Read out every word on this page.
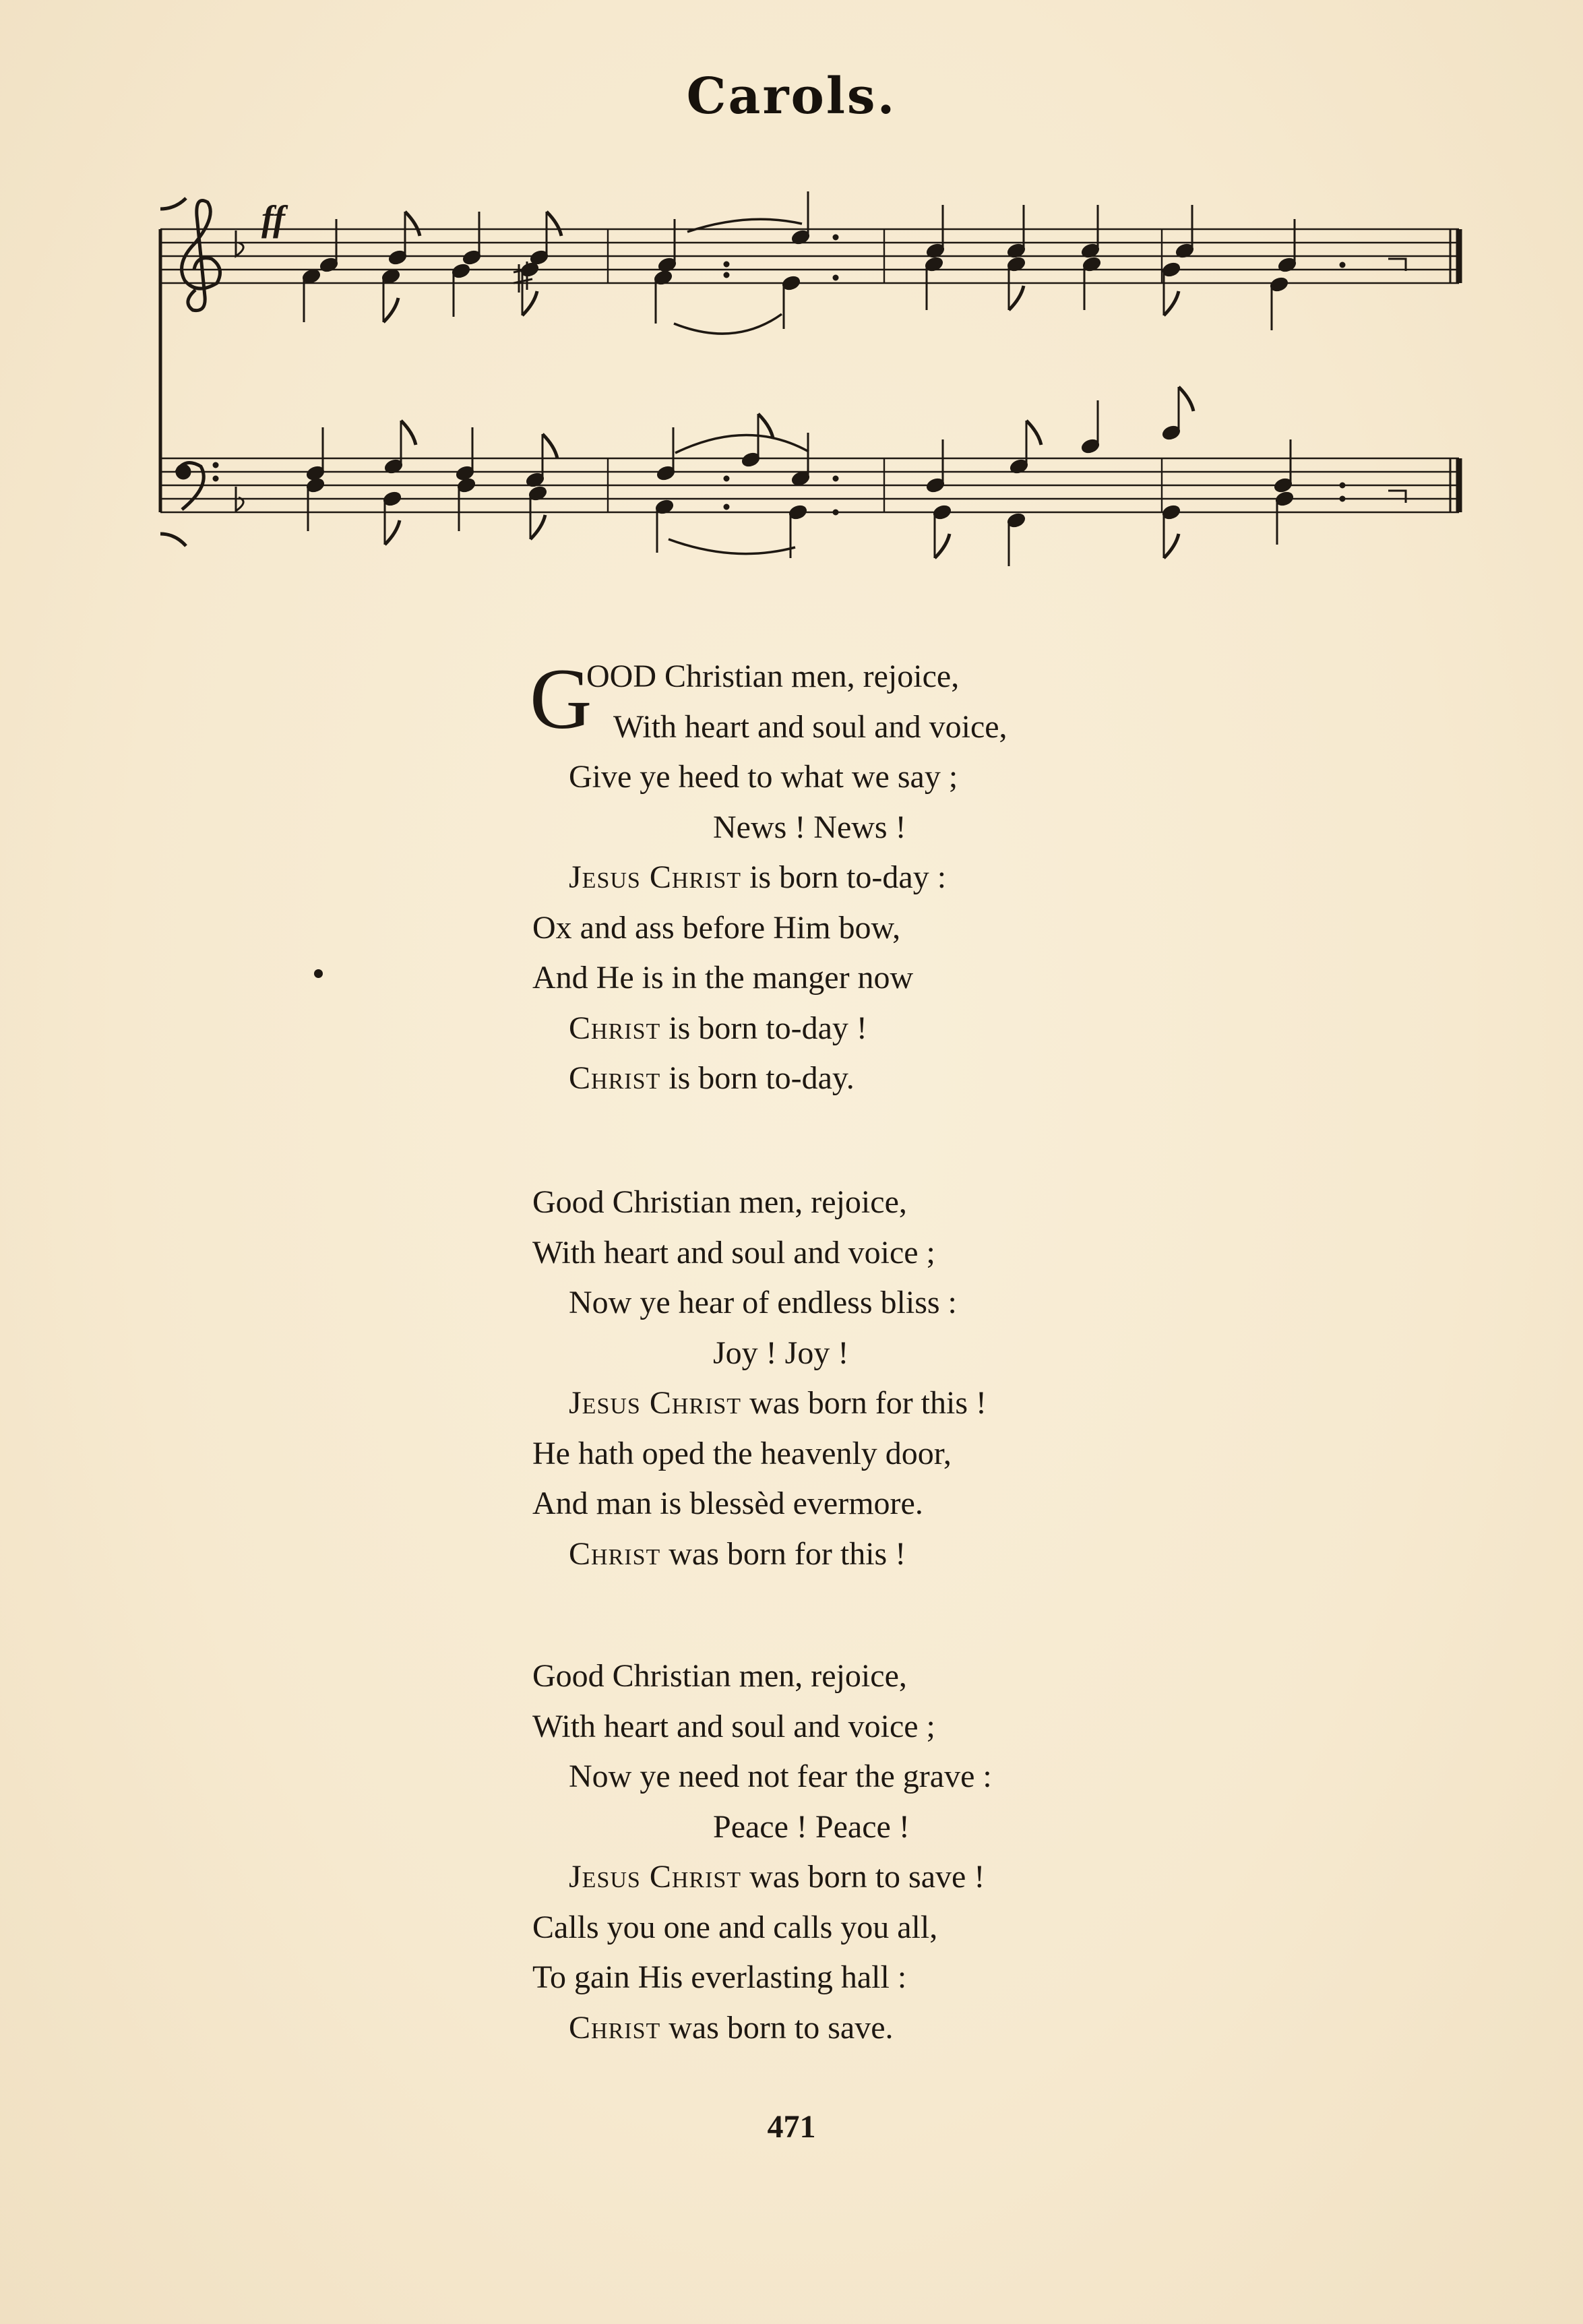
Carols.
ff
G
OOD Christian men, rejoice,
With heart and soul and voice,
Give ye heed to what we say ;
News ! News !
Jesus Christ is born to-day :
Ox and ass before Him bow,
And He is in the manger now
Christ is born to-day !
Christ is born to-day.
Good Christian men, rejoice,
With heart and soul and voice ;
Now ye hear of endless bliss :
Joy ! Joy !
Jesus Christ was born for this !
He hath oped the heavenly door,
And man is blessèd evermore.
Christ was born for this !
Good Christian men, rejoice,
With heart and soul and voice ;
Now ye need not fear the grave :
Peace ! Peace !
Jesus Christ was born to save !
Calls you one and calls you all,
To gain His everlasting hall :
Christ was born to save.
471
